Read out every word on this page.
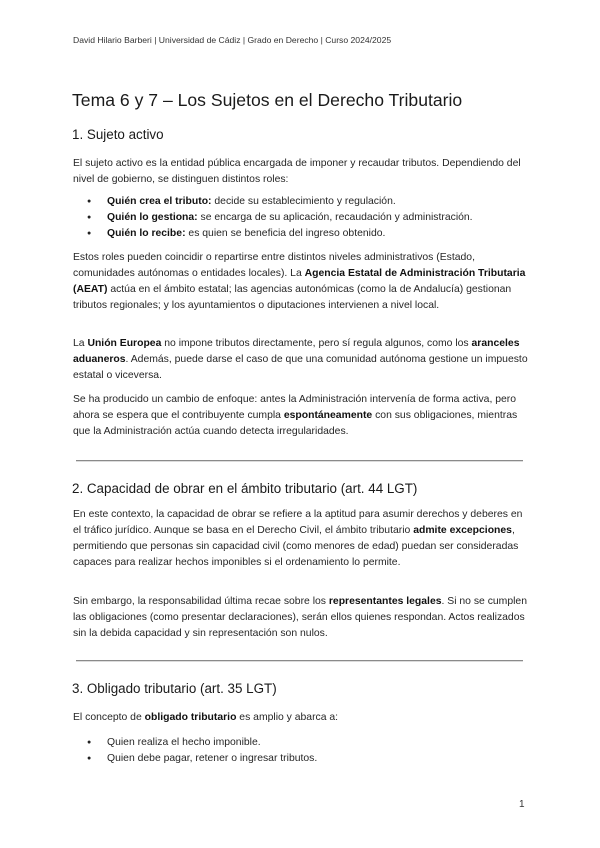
David Hilario Barberi | Universidad de Cádiz | Grado en Derecho | Curso 2024/2025
Tema 6 y 7 – Los Sujetos en el Derecho Tributario
1. Sujeto activo

El sujeto activo es la entidad pública encargada de imponer y recaudar tributos. Dependiendo del nivel de gobierno, se distinguen distintos roles:

● Quién crea el tributo: decide su establecimiento y regulación.
● Quién lo gestiona: se encarga de su aplicación, recaudación y administración.
● Quién lo recibe: es quien se beneficia del ingreso obtenido.

Estos roles pueden coincidir o repartirse entre distintos niveles administrativos (Estado, comunidades autónomas o entidades locales). La Agencia Estatal de Administración Tributaria (AEAT) actúa en el ámbito estatal; las agencias autonómicas (como la de Andalucía) gestionan tributos regionales; y los ayuntamientos o diputaciones intervienen a nivel local.

La Unión Europea no impone tributos directamente, pero sí regula algunos, como los aranceles aduaneros. Además, puede darse el caso de que una comunidad autónoma gestione un impuesto estatal o viceversa.

Se ha producido un cambio de enfoque: antes la Administración intervenía de forma activa, pero ahora se espera que el contribuyente cumpla espontáneamente con sus obligaciones, mientras que la Administración actúa cuando detecta irregularidades.

2. Capacidad de obrar en el ámbito tributario (art. 44 LGT)

En este contexto, la capacidad de obrar se refiere a la aptitud para asumir derechos y deberes en el tráfico jurídico. Aunque se basa en el Derecho Civil, el ámbito tributario admite excepciones, permitiendo que personas sin capacidad civil (como menores de edad) puedan ser consideradas capaces para realizar hechos imponibles si el ordenamiento lo permite.

Sin embargo, la responsabilidad última recae sobre los representantes legales. Si no se cumplen las obligaciones (como presentar declaraciones), serán ellos quienes respondan. Actos realizados sin la debida capacidad y sin representación son nulos.

3. Obligado tributario (art. 35 LGT)

El concepto de obligado tributario es amplio y abarca a:

● Quien realiza el hecho imponible.
● Quien debe pagar, retener o ingresar tributos.
1
